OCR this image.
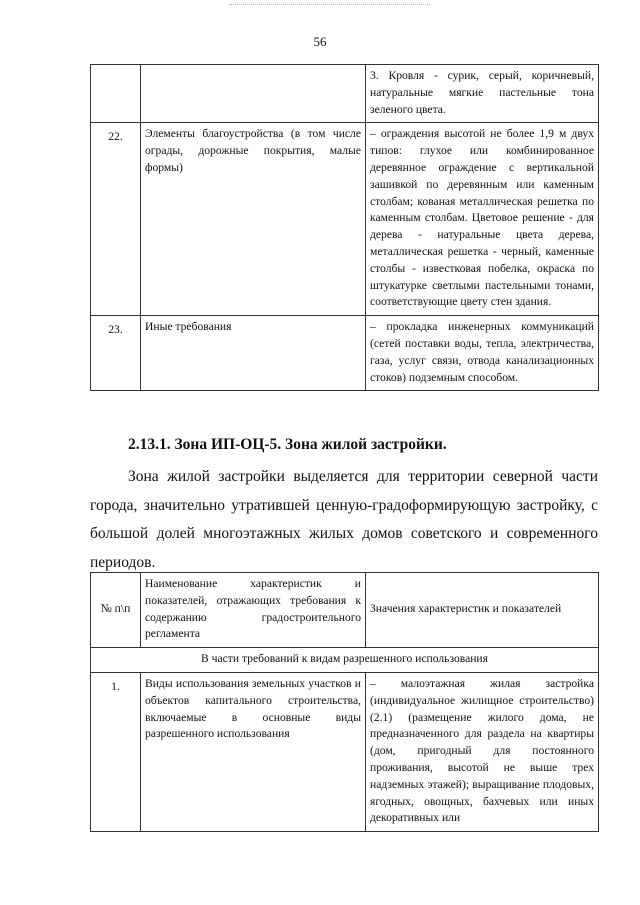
56
		3. Кровля - сурик, серый, коричневый, натуральные мягкие пастельные тона зеленого цвета.
22.	Элементы благоустройства (в том числе ограды, дорожные покрытия, малые формы)	– ограждения высотой не более 1,9 м двух типов: глухое или комбинированное деревянное ограждение с вертикальной зашивкой по деревянным или каменным столбам; кованая металлическая решетка по каменным столбам. Цветовое решение - для дерева - натуральные цвета дерева, металлическая решетка - черный, каменные столбы - известковая побелка, окраска по штукатурке светлыми пастельными тонами, соответствующие цвету стен здания.
23.	Иные требования	– прокладка инженерных коммуникаций (сетей поставки воды, тепла, электричества, газа, услуг связи, отвода канализационных стоков) подземным способом.
2.13.1. Зона ИП-ОЦ-5. Зона жилой застройки.
Зона жилой застройки выделяется для территории северной части города, значительно утратившей ценную-градоформирующую застройку, с большой долей многоэтажных жилых домов советского и современного периодов.
№ п\п	Наименование характеристик и показателей, отражающих требования к содержанию градостроительного регламента	Значения характеристик и показателей
В части требований к видам разрешенного использования		
1.	Виды использования земельных участков и объектов капитального строительства, включаемые в основные виды разрешенного использования	– малоэтажная жилая застройка (индивидуальное жилищное строительство) (2.1) (размещение жилого дома, не предназначенного для раздела на квартиры (дом, пригодный для постоянного проживания, высотой не выше трех надземных этажей); выращивание плодовых, ягодных, овощных, бахчевых или иных декоративных или
